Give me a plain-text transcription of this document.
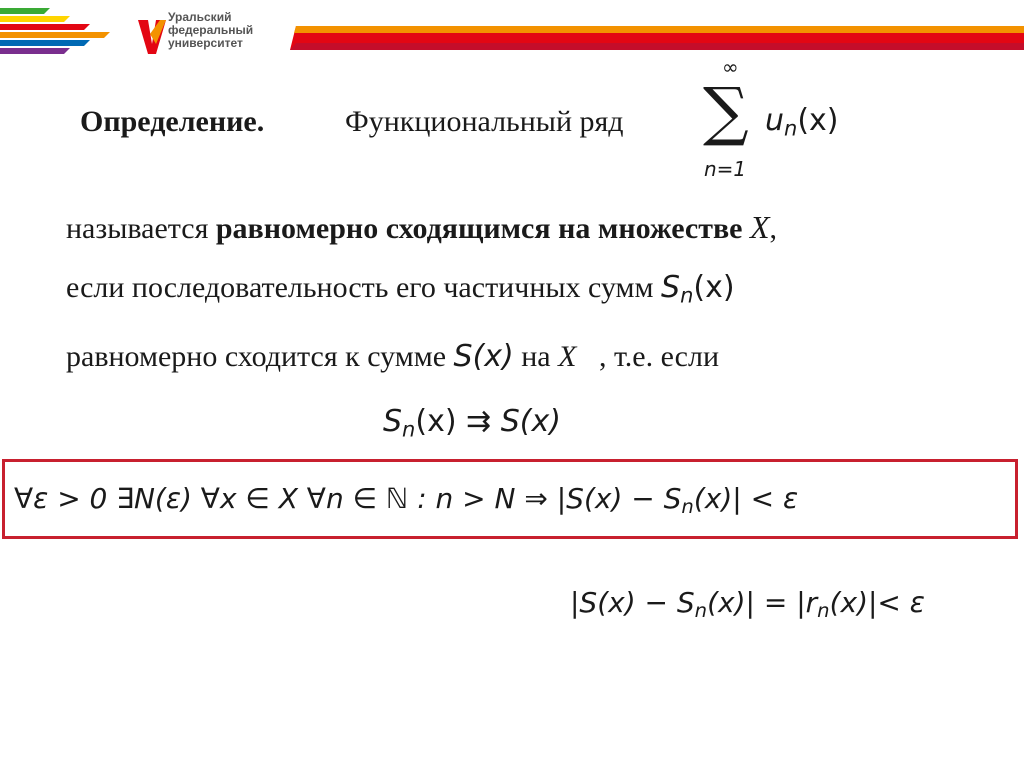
Уральский
федеральный
университет
Определение.	Функциональный ряд
∞
∑
n=1
$u_n(x)$
называется равномерно сходящимся на множестве X,
если последовательность его частичных сумм $S_n(x)$
равномерно сходится к сумме S(x) на X , т.е. если
$S_n(x)$ ⇉ S(x)
∀ε > 0 ∃N(ε) ∀x ∈ X ∀n ∈ ℕ : n > N ⇒ $|S(x) - S_n(x)| < \varepsilon$
$|S(x) - S_n(x)| = |r_n(x)|< \varepsilon$
